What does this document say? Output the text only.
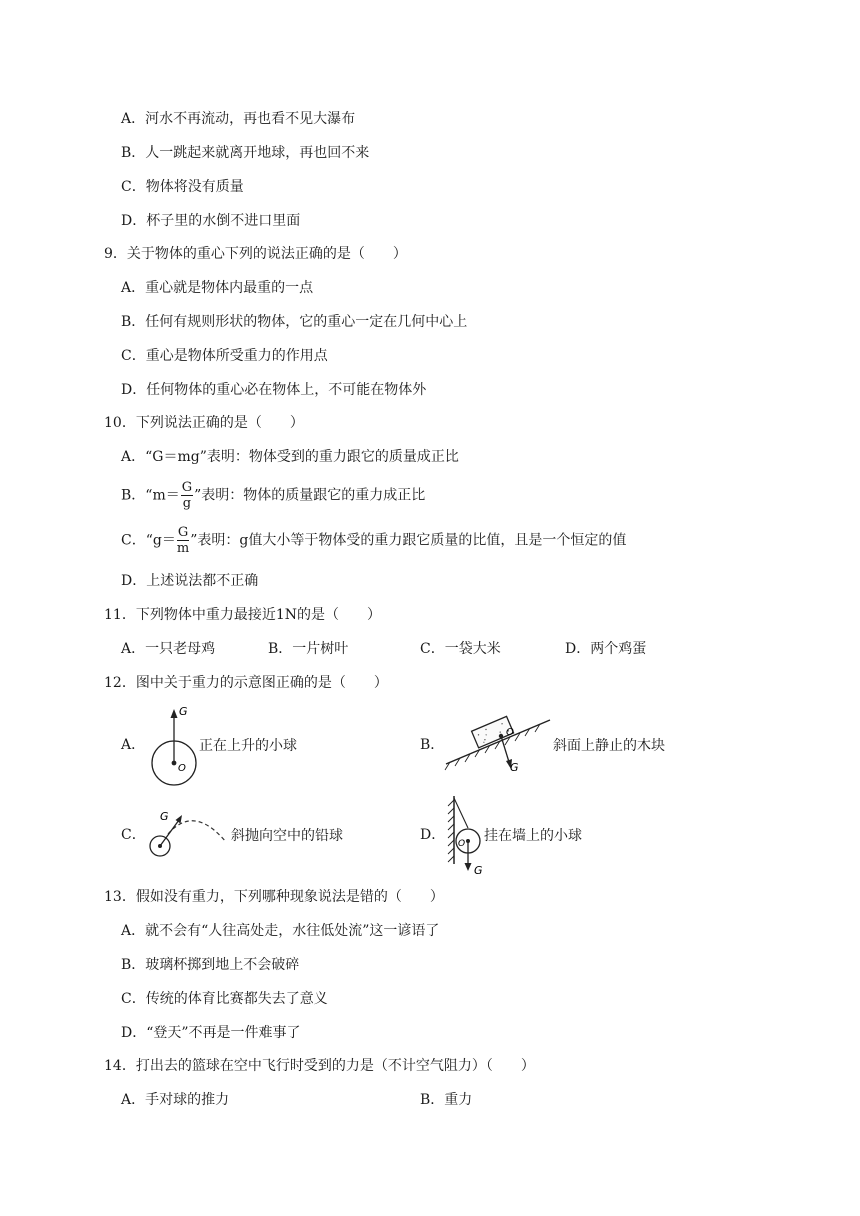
A．河水不再流动，再也看不见大瀑布
B．人一跳起来就离开地球，再也回不来
C．物体将没有质量
D．杯子里的水倒不进口里面
9．关于物体的重心下列的说法正确的是（　　）
A．重心就是物体内最重的一点
B．任何有规则形状的物体，它的重心一定在几何中心上
C．重心是物体所受重力的作用点
D．任何物体的重心必在物体上，不可能在物体外
10．下列说法正确的是（　　）
A．“G＝mg”表明：物体受到的重力跟它的质量成正比
B．“$m= \frac{G}{g}$ ”表明：物体的质量跟它的重力成正比
C．“$g= \frac{G}{m}$ ”表明：g值大小等于物体受的重力跟它质量的比值，且是一个恒定的值
D．上述说法都不正确
11．下列物体中重力最接近1N的是（　　）
A．一只老母鸡	B．一片树叶	C．一袋大米	D．两个鸡蛋
12．图中关于重力的示意图正确的是（　　）
A．
G
O
正在上升的小球	B．
O
G
斜面上静止的木块
C．
G
斜抛向空中的铅球	D．
O
G
挂在墙上的小球
13．假如没有重力，下列哪种现象说法是错的（　　）
A．就不会有“人往高处走，水往低处流”这一谚语了
B．玻璃杯掷到地上不会破碎
C．传统的体育比赛都失去了意义
D．“登天”不再是一件难事了
14．打出去的篮球在空中飞行时受到的力是（不计空气阻力）（　　）
A．手对球的推力	B．重力
